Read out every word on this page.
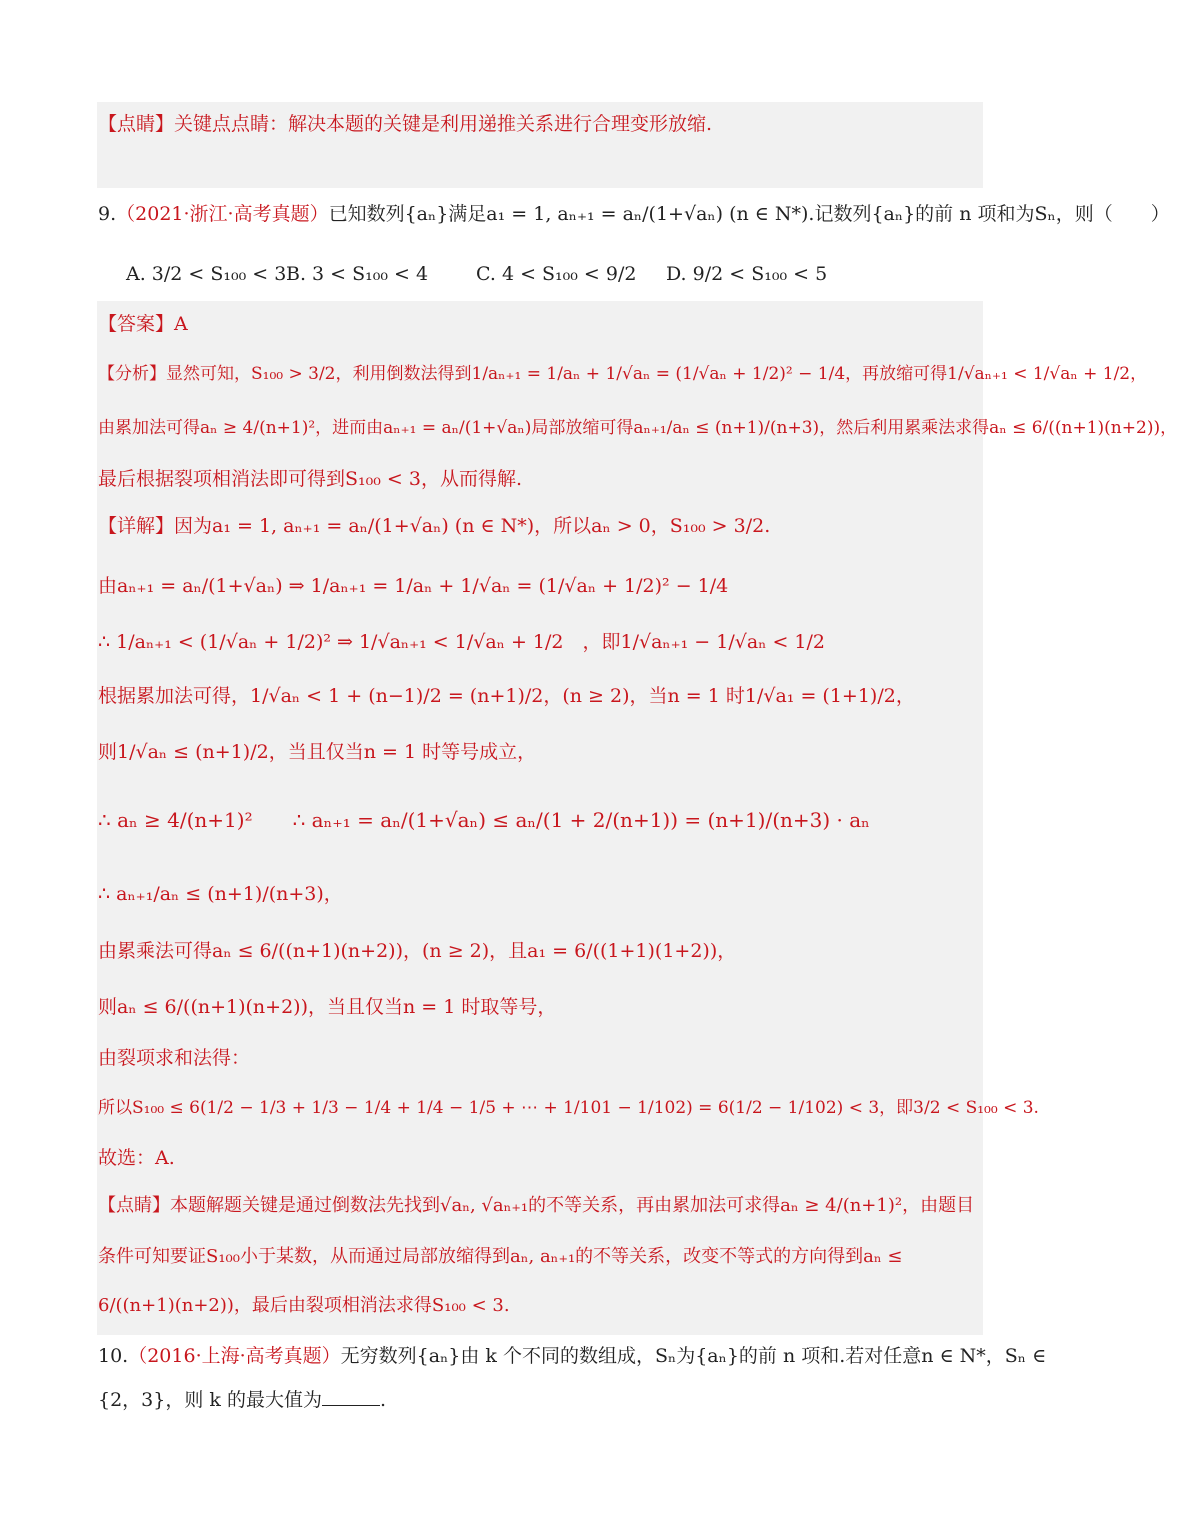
【点睛】关键点点睛：解决本题的关键是利用递推关系进行合理变形放缩.
9.（2021·浙江·高考真题）已知数列{aₙ}满足a₁ = 1, aₙ₊₁ = aₙ/(1+√aₙ) (n ∈ N*).记数列{aₙ}的前 n 项和为Sₙ，则（　　）
A. 3/2 < S₁₀₀ < 3B. 3 < S₁₀₀ < 4	C. 4 < S₁₀₀ < 9/2 D. 9/2 < S₁₀₀ < 5
【答案】A
【分析】显然可知，S₁₀₀ > 3/2，利用倒数法得到1/aₙ₊₁ = 1/aₙ + 1/√aₙ = (1/√aₙ + 1/2)² − 1/4，再放缩可得1/√aₙ₊₁ < 1/√aₙ + 1/2，
由累加法可得aₙ ≥ 4/(n+1)²，进而由aₙ₊₁ = aₙ/(1+√aₙ)局部放缩可得aₙ₊₁/aₙ ≤ (n+1)/(n+3)，然后利用累乘法求得aₙ ≤ 6/((n+1)(n+2))，
最后根据裂项相消法即可得到S₁₀₀ < 3，从而得解.
【详解】因为a₁ = 1, aₙ₊₁ = aₙ/(1+√aₙ) (n ∈ N*)，所以aₙ > 0，S₁₀₀ > 3/2.
由aₙ₊₁ = aₙ/(1+√aₙ) ⇒ 1/aₙ₊₁ = 1/aₙ + 1/√aₙ = (1/√aₙ + 1/2)² − 1/4
∴ 1/aₙ₊₁ < (1/√aₙ + 1/2)² ⇒ 1/√aₙ₊₁ < 1/√aₙ + 1/2　，即1/√aₙ₊₁ − 1/√aₙ < 1/2
根据累加法可得，1/√aₙ < 1 + (n−1)/2 = (n+1)/2，(n ≥ 2)，当n = 1 时1/√a₁ = (1+1)/2，
则1/√aₙ ≤ (n+1)/2，当且仅当n = 1 时等号成立，
∴ aₙ ≥ 4/(n+1)²　　∴ aₙ₊₁ = aₙ/(1+√aₙ) ≤ aₙ/(1 + 2/(n+1)) = (n+1)/(n+3) · aₙ
∴ aₙ₊₁/aₙ ≤ (n+1)/(n+3)，
由累乘法可得aₙ ≤ 6/((n+1)(n+2))，(n ≥ 2)，且a₁ = 6/((1+1)(1+2))，
则aₙ ≤ 6/((n+1)(n+2))，当且仅当n = 1 时取等号，
由裂项求和法得：
所以S₁₀₀ ≤ 6(1/2 − 1/3 + 1/3 − 1/4 + 1/4 − 1/5 + ⋯ + 1/101 − 1/102) = 6(1/2 − 1/102) < 3，即3/2 < S₁₀₀ < 3.
故选：A.
【点睛】本题解题关键是通过倒数法先找到√aₙ, √aₙ₊₁的不等关系，再由累加法可求得aₙ ≥ 4/(n+1)²，由题目
条件可知要证S₁₀₀小于某数，从而通过局部放缩得到aₙ, aₙ₊₁的不等关系，改变不等式的方向得到aₙ ≤
6/((n+1)(n+2))，最后由裂项相消法求得S₁₀₀ < 3.
10.（2016·上海·高考真题）无穷数列{aₙ}由 k 个不同的数组成，Sₙ为{aₙ}的前 n 项和.若对任意n ∈ N*，Sₙ ∈
{2，3}，则 k 的最大值为	.
